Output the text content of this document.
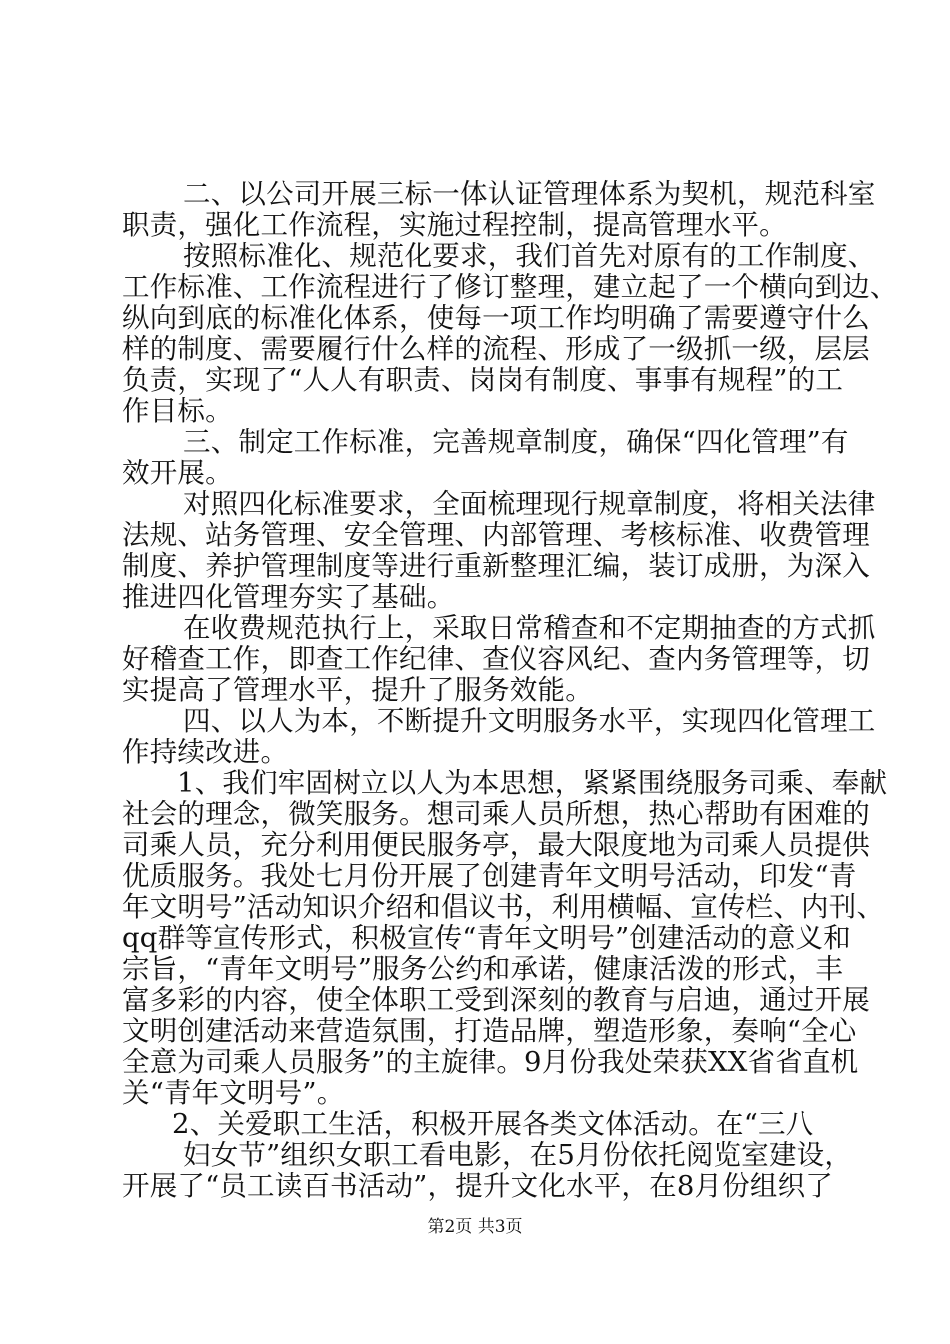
二、以公司开展三标一体认证管理体系为契机，规范科室
职责，强化工作流程，实施过程控制，提高管理水平。
按照标准化、规范化要求，我们首先对原有的工作制度、
工作标准、工作流程进行了修订整理，建立起了一个横向到边、
纵向到底的标准化体系，使每一项工作均明确了需要遵守什么
样的制度、需要履行什么样的流程、形成了一级抓一级，层层
负责，实现了“人人有职责、岗岗有制度、事事有规程”的工
作目标。
三、制定工作标准，完善规章制度，确保“四化管理”有
效开展。
对照四化标准要求，全面梳理现行规章制度，将相关法律
法规、站务管理、安全管理、内部管理、考核标准、收费管理
制度、养护管理制度等进行重新整理汇编，装订成册，为深入
推进四化管理夯实了基础。
在收费规范执行上，采取日常稽查和不定期抽查的方式抓
好稽查工作，即查工作纪律、查仪容风纪、查内务管理等，切
实提高了管理水平，提升了服务效能。
四、以人为本，不断提升文明服务水平，实现四化管理工
作持续改进。
1、我们牢固树立以人为本思想，紧紧围绕服务司乘、奉献
社会的理念，微笑服务。想司乘人员所想，热心帮助有困难的
司乘人员，充分利用便民服务亭，最大限度地为司乘人员提供
优质服务。我处七月份开展了创建青年文明号活动，印发“青
年文明号”活动知识介绍和倡议书，利用横幅、宣传栏、内刊、
qq群等宣传形式，积极宣传“青年文明号”创建活动的意义和
宗旨，“青年文明号”服务公约和承诺，健康活泼的形式，丰
富多彩的内容，使全体职工受到深刻的教育与启迪，通过开展
文明创建活动来营造氛围，打造品牌，塑造形象，奏响“全心
全意为司乘人员服务”的主旋律。9月份我处荣获XX省省直机
关“青年文明号”。
2、关爱职工生活，积极开展各类文体活动。在“三八
妇女节”组织女职工看电影，在5月份依托阅览室建设，
开展了“员工读百书活动”，提升文化水平，在8月份组织了
第2页 共3页
